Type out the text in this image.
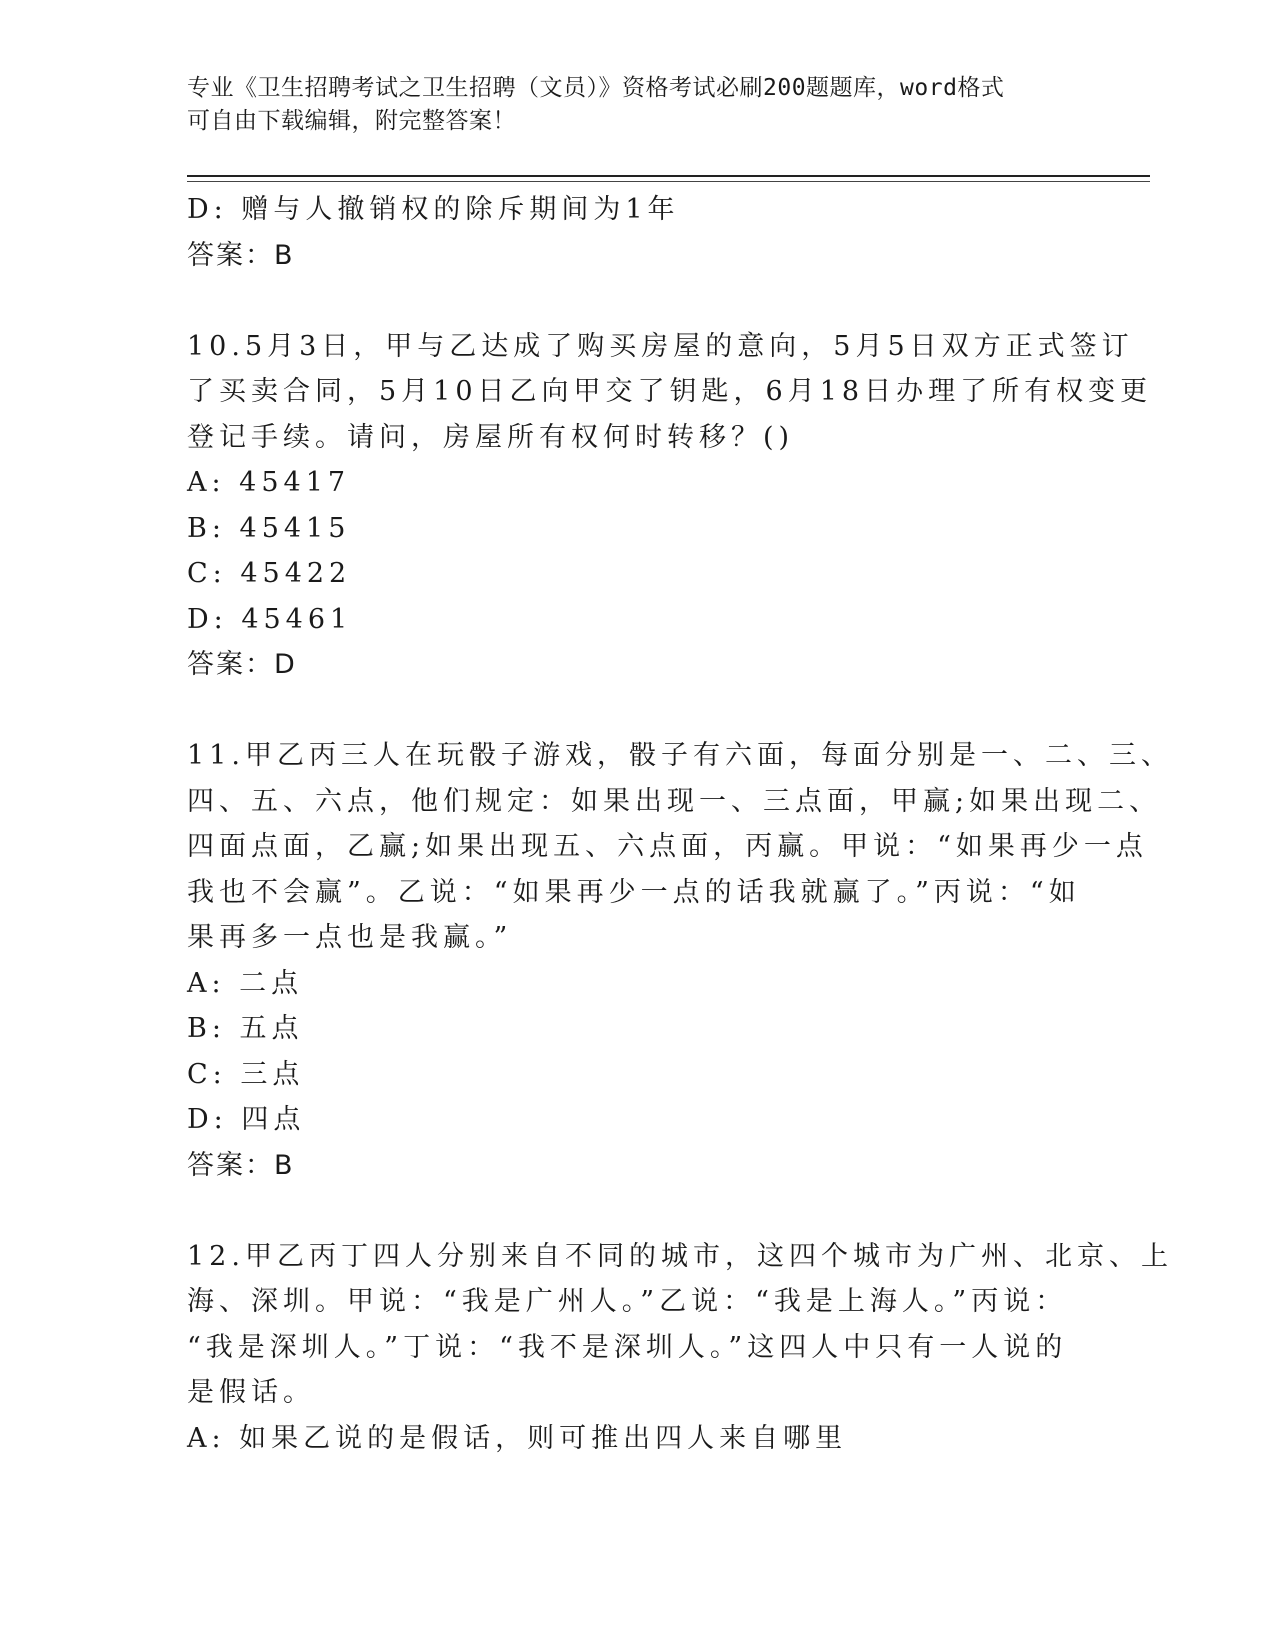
专业《卫生招聘考试之卫生招聘（文员）》资格考试必刷200题题库，word格式
可自由下载编辑，附完整答案！
D: 赠与人撤销权的除斥期间为1年
答案：B
10.5月3日，甲与乙达成了购买房屋的意向，5月5日双方正式签订
了买卖合同，5月10日乙向甲交了钥匙，6月18日办理了所有权变更
登记手续。请问，房屋所有权何时转移？()
A: 45417
B: 45415
C: 45422
D: 45461
答案：D
11.甲乙丙三人在玩骰子游戏，骰子有六面，每面分别是一、二、三、
四、五、六点，他们规定：如果出现一、三点面，甲赢;如果出现二、
四面点面，乙赢;如果出现五、六点面，丙赢。甲说：“如果再少一点
我也不会赢”。乙说：“如果再少一点的话我就赢了。”丙说：“如
果再多一点也是我赢。”
A: 二点
B: 五点
C: 三点
D: 四点
答案：B
12.甲乙丙丁四人分别来自不同的城市，这四个城市为广州、北京、上
海、深圳。甲说：“我是广州人。”乙说：“我是上海人。”丙说：
“我是深圳人。”丁说：“我不是深圳人。”这四人中只有一人说的
是假话。
A: 如果乙说的是假话，则可推出四人来自哪里
